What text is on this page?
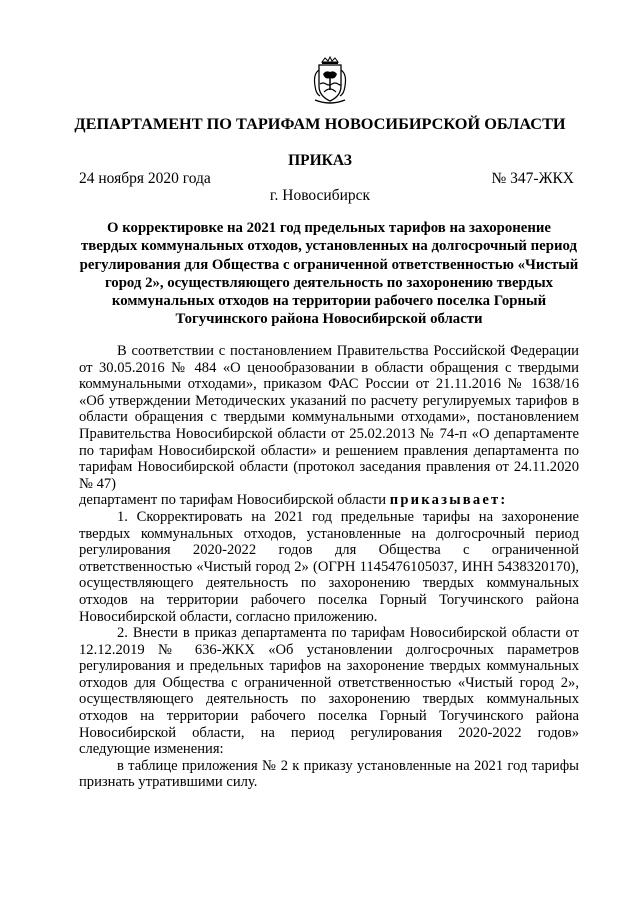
ДЕПАРТАМЕНТ ПО ТАРИФАМ НОВОСИБИРСКОЙ ОБЛАСТИ
ПРИКАЗ
24 ноября 2020 года	№ 347-ЖКХ
г. Новосибирск
О корректировке на 2021 год предельных тарифов на захоронение твердых коммунальных отходов, установленных на долгосрочный период регулирования для Общества с ограниченной ответственностью «Чистый город 2», осуществляющего деятельность по захоронению твердых коммунальных отходов на территории рабочего поселка Горный Тогучинского района Новосибирской области

В соответствии с постановлением Правительства Российской Федерации от 30.05.2016 № 484 «О ценообразовании в области обращения с твердыми коммунальными отходами», приказом ФАС России от 21.11.2016 № 1638/16 «Об утверждении Методических указаний по расчету регулируемых тарифов в области обращения с твердыми коммунальными отходами», постановлением Правительства Новосибирской области от 25.02.2013 № 74-п «О департаменте по тарифам Новосибирской области» и решением правления департамента по тарифам Новосибирской области (протокол заседания правления от 24.11.2020 № 47)

департамент по тарифам Новосибирской области приказывает:

1. Скорректировать на 2021 год предельные тарифы на захоронение твердых коммунальных отходов, установленные на долгосрочный период регулирования 2020-2022 годов для Общества с ограниченной ответственностью «Чистый город 2» (ОГРН 1145476105037, ИНН 5438320170), осуществляющего деятельность по захоронению твердых коммунальных отходов на территории рабочего поселка Горный Тогучинского района Новосибирской области, согласно приложению.

2. Внести в приказ департамента по тарифам Новосибирской области от 12.12.2019 № 636-ЖКХ «Об установлении долгосрочных параметров регулирования и предельных тарифов на захоронение твердых коммунальных отходов для Общества с ограниченной ответственностью «Чистый город 2», осуществляющего деятельность по захоронению твердых коммунальных отходов на территории рабочего поселка Горный Тогучинского района Новосибирской области, на период регулирования 2020-2022 годов» следующие изменения:

в таблице приложения № 2 к приказу установленные на 2021 год тарифы признать утратившими силу.
